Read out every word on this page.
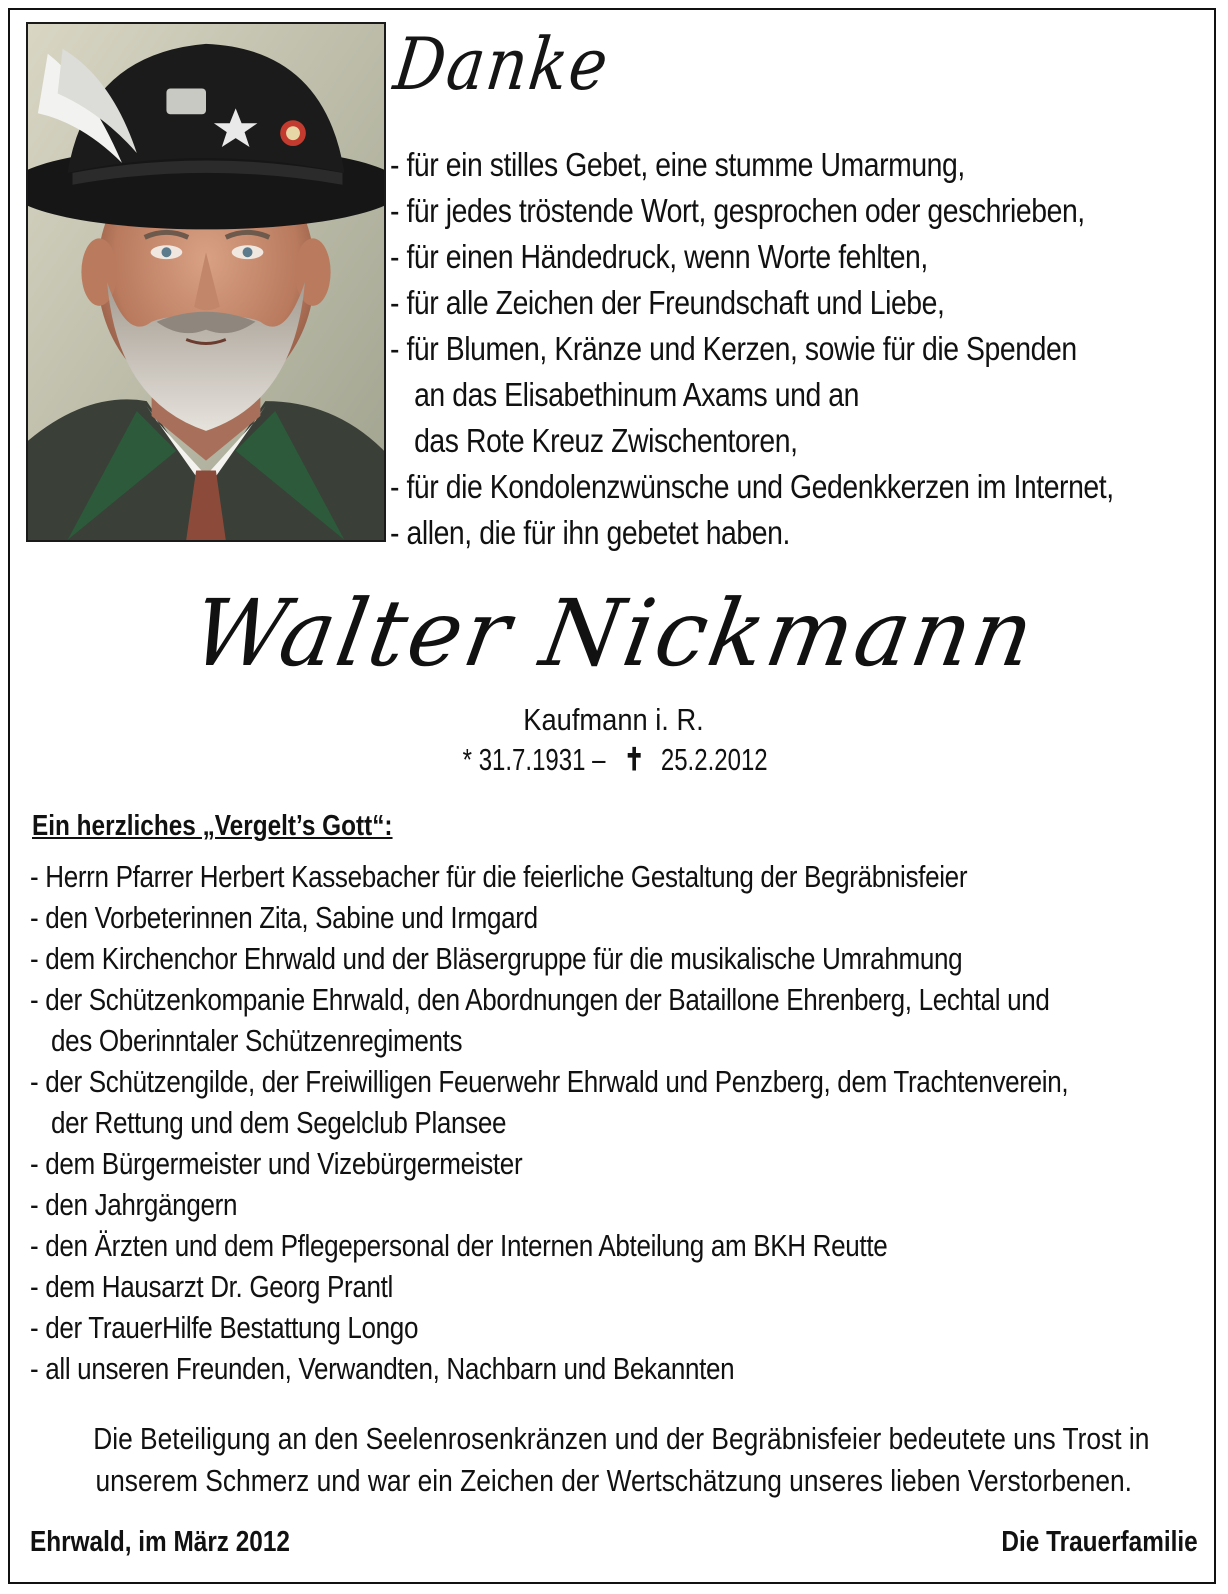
Danke
- für ein stilles Gebet, eine stumme Umarmung,
- für jedes tröstende Wort, gesprochen oder geschrieben,
- für einen Händedruck, wenn Worte fehlten,
- für alle Zeichen der Freundschaft und Liebe,
- für Blumen, Kränze und Kerzen, sowie für die Spenden
an das Elisabethinum Axams und an
das Rote Kreuz Zwischentoren,
- für die Kondolenzwünsche und Gedenkkerzen im Internet,
- allen, die für ihn gebetet haben.
Walter Nickmann
Kaufmann i. R.
* 31.7.1931 – ✝ 25.2.2012
Ein herzliches „Vergelt’s Gott“:
- Herrn Pfarrer Herbert Kassebacher für die feierliche Gestaltung der Begräbnisfeier
- den Vorbeterinnen Zita, Sabine und Irmgard
- dem Kirchenchor Ehrwald und der Bläsergruppe für die musikalische Umrahmung
- der Schützenkompanie Ehrwald, den Abordnungen der Bataillone Ehrenberg, Lechtal und
des Oberinntaler Schützenregiments
- der Schützengilde, der Freiwilligen Feuerwehr Ehrwald und Penzberg, dem Trachtenverein,
der Rettung und dem Segelclub Plansee
- dem Bürgermeister und Vizebürgermeister
- den Jahrgängern
- den Ärzten und dem Pflegepersonal der Internen Abteilung am BKH Reutte
- dem Hausarzt Dr. Georg Prantl
- der TrauerHilfe Bestattung Longo
- all unseren Freunden, Verwandten, Nachbarn und Bekannten
Die Beteiligung an den Seelenrosenkränzen und der Begräbnisfeier bedeutete uns Trost in
unserem Schmerz und war ein Zeichen der Wertschätzung unseres lieben Verstorbenen.
Ehrwald, im März 2012	Die Trauerfamilie
